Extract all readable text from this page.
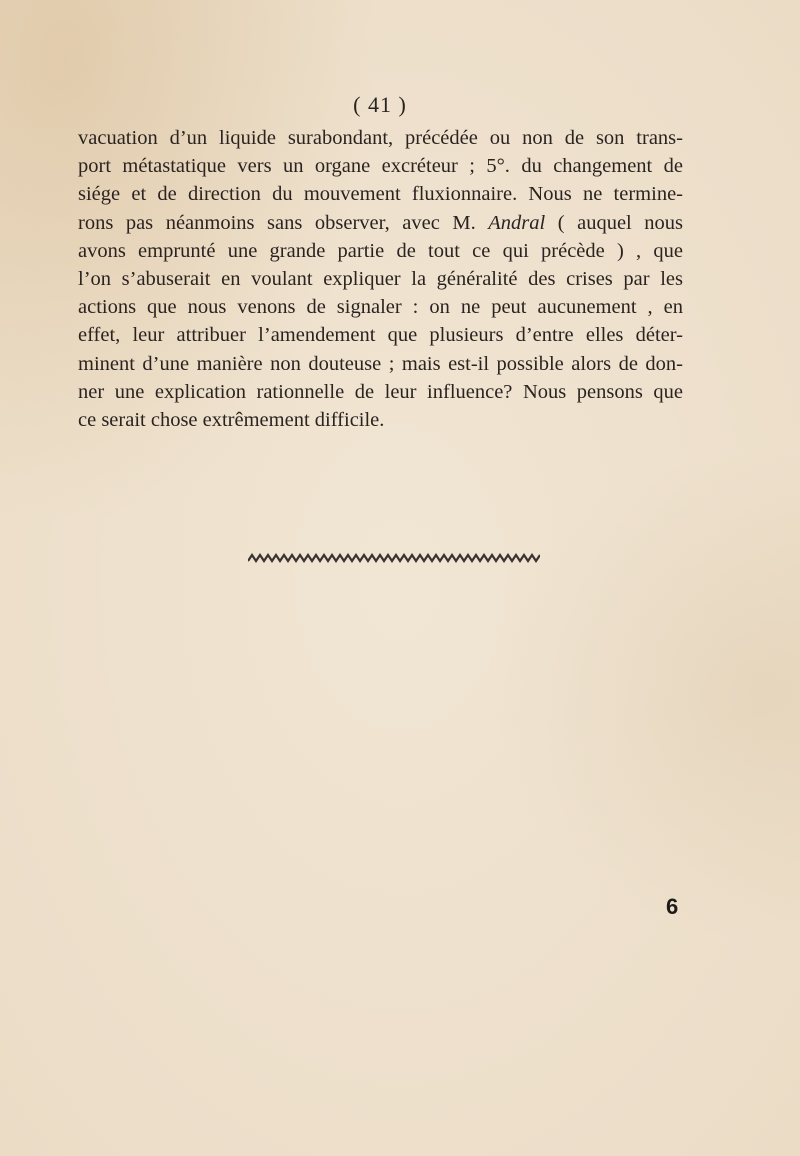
( 41 )
vacuation d’un liquide surabondant, précédée ou non de son trans-
port métastatique vers un organe excréteur ; 5°. du changement de
siége et de direction du mouvement fluxionnaire. Nous ne termine-
rons pas néanmoins sans observer, avec M. Andral ( auquel nous
avons emprunté une grande partie de tout ce qui précède ) , que
l’on s’abuserait en voulant expliquer la généralité des crises par les
actions que nous venons de signaler : on ne peut aucunement , en
effet, leur attribuer l’amendement que plusieurs d’entre elles déter-
minent d’une manière non douteuse ; mais est-il possible alors de don-
ner une explication rationnelle de leur influence? Nous pensons que
ce serait chose extrêmement difficile.
6
